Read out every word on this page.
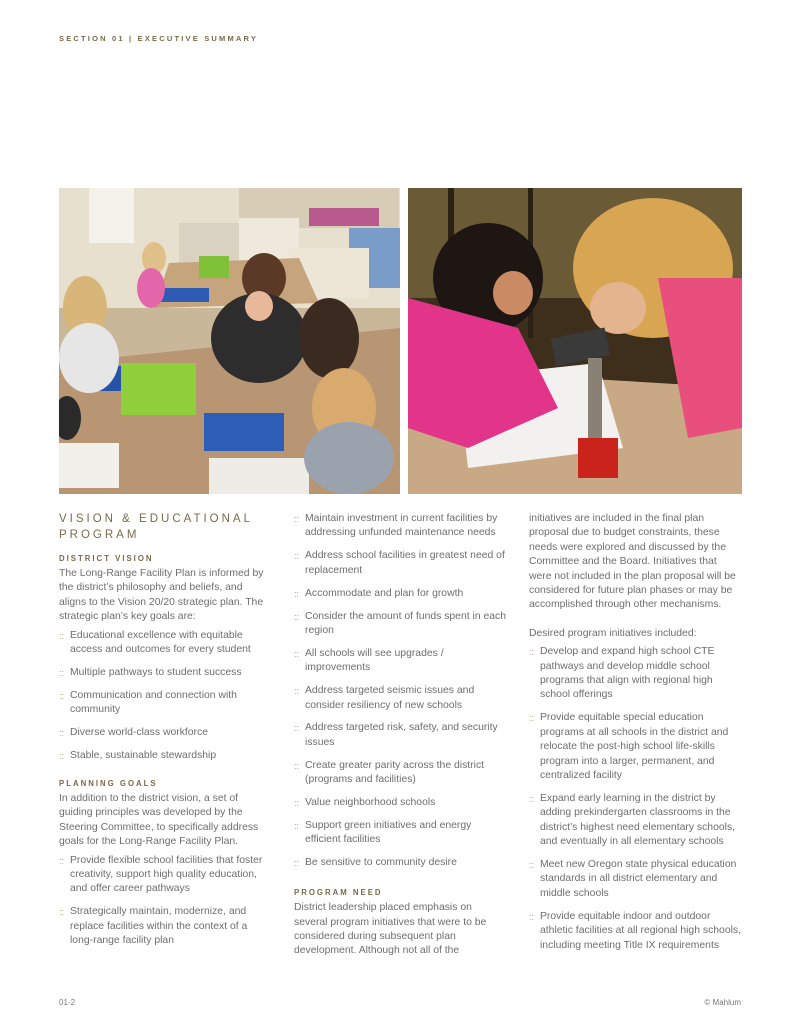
SECTION 01 | EXECUTIVE SUMMARY
VISION & EDUCATIONAL PROGRAM
DISTRICT VISION

The Long-Range Facility Plan is informed by the district’s philosophy and beliefs, and aligns to the Vision 20/20 strategic plan. The strategic plan’s key goals are:

:: Educational excellence with equitable access and outcomes for every student
:: Multiple pathways to student success
:: Communication and connection with community
:: Diverse world-class workforce
:: Stable, sustainable stewardship
PLANNING GOALS

In addition to the district vision, a set of guiding principles was developed by the Steering Committee, to specifically address goals for the Long-Range Facility Plan.

:: Provide flexible school facilities that foster creativity, support high quality education, and offer career pathways
:: Strategically maintain, modernize, and replace facilities within the context of a long-range facility plan
:: Maintain investment in current facilities by addressing unfunded maintenance needs
:: Address school facilities in greatest need of replacement
:: Accommodate and plan for growth
:: Consider the amount of funds spent in each region
:: All schools will see upgrades / improvements
:: Address targeted seismic issues and consider resiliency of new schools
:: Address targeted risk, safety, and security issues
:: Create greater parity across the district (programs and facilities)
:: Value neighborhood schools
:: Support green initiatives and energy efficient facilities
:: Be sensitive to community desire
PROGRAM NEED

District leadership placed emphasis on several program initiatives that were to be considered during subsequent plan development. Although not all of the

initiatives are included in the final plan proposal due to budget constraints, these needs were explored and discussed by the Committee and the Board. Initiatives that were not included in the plan proposal will be considered for future plan phases or may be accomplished through other mechanisms.

Desired program initiatives included:

:: Develop and expand high school CTE pathways and develop middle school programs that align with regional high school offerings
:: Provide equitable special education programs at all schools in the district and relocate the post-high school life-skills program into a larger, permanent, and centralized facility
:: Expand early learning in the district by adding prekindergarten classrooms in the district’s highest need elementary schools, and eventually in all elementary schools
:: Meet new Oregon state physical education standards in all district elementary and middle schools
:: Provide equitable indoor and outdoor athletic facilities at all regional high schools, including meeting Title IX requirements
01-2	© Mahlum
